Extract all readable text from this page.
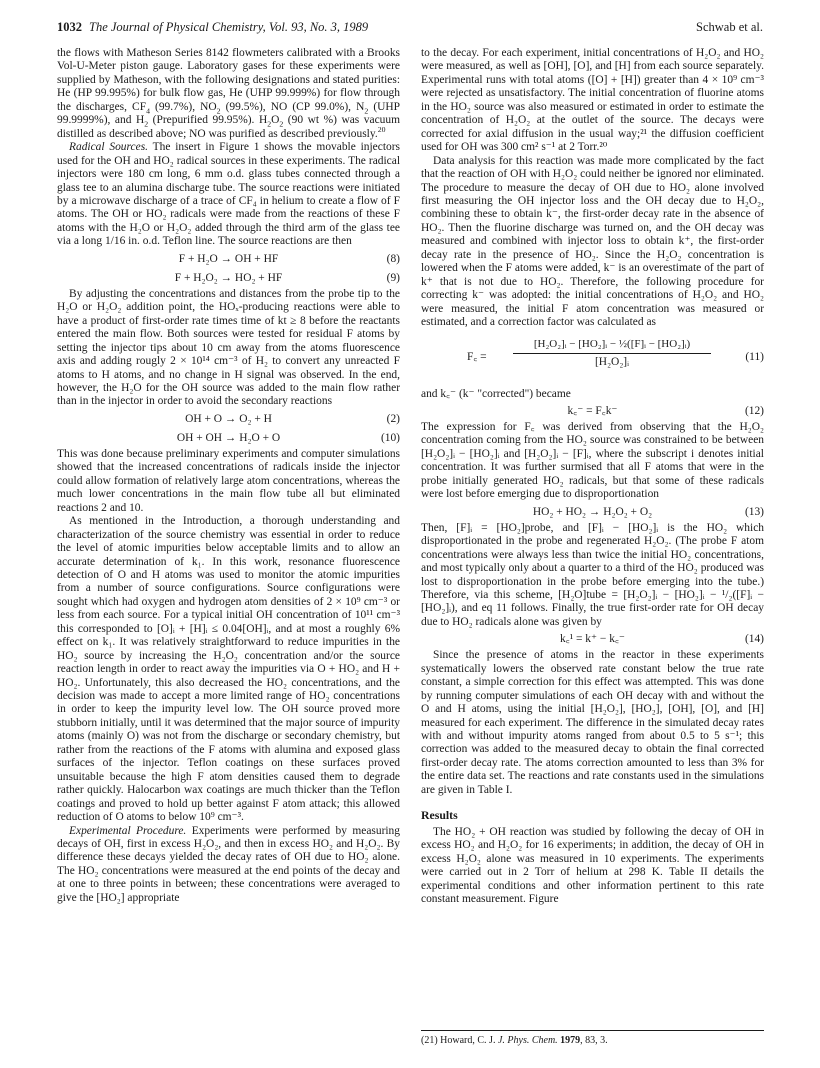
1032 The Journal of Physical Chemistry, Vol. 93, No. 3, 1989	Schwab et al.

the flows with Matheson Series 8142 flowmeters calibrated with a Brooks Vol-U-Meter piston gauge. Laboratory gases for these experiments were supplied by Matheson, with the following designations and stated purities: He (HP 99.995%) for bulk flow gas, He (UHP 99.999%) for flow through the discharges, $CF_4$ (99.7%), $NO_2$ (99.5%), NO (CP 99.0%), $N_2$ (UHP 99.9999%), and $H_2$ (Prepurified 99.95%). $H_2O_2$ (90 wt %) was vacuum distilled as described above; NO was purified as described previously.$^{20}$

Radical Sources. The insert in Figure 1 shows the movable injectors used for the OH and HO₂ radical sources in these experiments. The radical injectors were 180 cm long, 6 mm o.d. glass tubes connected through a glass tee to an alumina discharge tube. The source reactions were initiated by a microwave discharge of a trace of CF₄ in helium to create a flow of F atoms. The OH or HO₂ radicals were made from the reactions of these F atoms with the H₂O or H₂O₂ added through the third arm of the glass tee via a long 1/16 in. o.d. Teflon line. The source reactions are then

F + H₂O → OH + HF	(8)
F + H₂O₂ → HO₂ + HF	(9)

By adjusting the concentrations and distances from the probe tip to the H₂O or H₂O₂ addition point, the HOₓ-producing reactions were able to have a product of first-order rate times time of kt ≥ 8 before the reactants entered the main flow. Both sources were tested for residual F atoms by setting the injector tips about 10 cm away from the atoms fluorescence axis and adding rougly 2 × 10¹⁴ cm⁻³ of H₂ to convert any unreacted F atoms to H atoms, and no change in H signal was observed. In the end, however, the H₂O for the OH source was added to the main flow rather than in the injector in order to avoid the secondary reactions

OH + O → O₂ + H	(2)
OH + OH → H₂O + O	(10)

This was done because preliminary experiments and computer simulations showed that the increased concentrations of radicals inside the injector could allow formation of relatively large atom concentrations, whereas the much lower concentrations in the main flow tube all but eliminated reactions 2 and 10.

As mentioned in the Introduction, a thorough understanding and characterization of the source chemistry was essential in order to reduce the level of atomic impurities below acceptable limits and to allow an accurate determination of k₁. In this work, resonance fluorescence detection of O and H atoms was used to monitor the atomic impurities from a number of source configurations. Source configurations were sought which had oxygen and hydrogen atom densities of 2 × 10⁹ cm⁻³ or less from each source. For a typical initial OH concentration of 10¹¹ cm⁻³ this corresponded to [O]ᵢ + [H]ᵢ ≤ 0.04[OH]ᵢ, and at most a roughly 6% effect on k₁. It was relatively straightforward to reduce impurities in the HO₂ source by increasing the H₂O₂ concentration and/or the source reaction length in order to react away the impurities via O + HO₂ and H + HO₂. Unfortunately, this also decreased the HO₂ concentrations, and the decision was made to accept a more limited range of HO₂ concentrations in order to keep the impurity level low. The OH source proved more stubborn initially, until it was determined that the major source of impurity atoms (mainly O) was not from the discharge or secondary chemistry, but rather from the reactions of the F atoms with alumina and exposed glass surfaces of the injector. Teflon coatings on these surfaces proved unsuitable because the high F atom densities caused them to degrade rather quickly. Halocarbon wax coatings are much thicker than the Teflon coatings and proved to hold up better against F atom attack; this allowed reduction of O atoms to below 10⁹ cm⁻³.

Experimental Procedure. Experiments were performed by measuring decays of OH, first in excess H₂O₂, and then in excess HO₂ and H₂O₂. By difference these decays yielded the decay rates of OH due to HO₂ alone. The HO₂ concentrations were measured at the end points of the decay and at one to three points in between; these concentrations were averaged to give the [HO₂] appropriate

to the decay. For each experiment, initial concentrations of H₂O₂ and HO₂ were measured, as well as [OH], [O], and [H] from each source separately. Experimental runs with total atoms ([O] + [H]) greater than 4 × 10⁹ cm⁻³ were rejected as unsatisfactory. The initial concentration of fluorine atoms in the HO₂ source was also measured or estimated in order to estimate the concentration of H₂O₂ at the outlet of the source. The decays were corrected for axial diffusion in the usual way;²¹ the diffusion coefficient used for OH was 300 cm² s⁻¹ at 2 Torr.²⁰

Data analysis for this reaction was made more complicated by the fact that the reaction of OH with H₂O₂ could neither be ignored nor eliminated. The procedure to measure the decay of OH due to HO₂ alone involved first measuring the OH injector loss and the OH decay due to H₂O₂, combining these to obtain k⁻, the first-order decay rate in the absence of HO₂. Then the fluorine discharge was turned on, and the OH decay was measured and combined with injector loss to obtain k⁺, the first-order decay rate in the presence of HO₂. Since the H₂O₂ concentration is lowered when the F atoms were added, k⁻ is an overestimate of the part of k⁺ that is not due to HO₂. Therefore, the following procedure for correcting k⁻ was adopted: the initial concentrations of H₂O₂ and HO₂ were measured, the initial F atom concentration was measured or estimated, and a correction factor was calculated as

F꜀ = $\frac{\text{[H₂O₂]ᵢ − [HO₂]ᵢ − ½([F]ᵢ − [HO₂]ᵢ)}}{\text{[H₂O₂]ᵢ}}$	(11)

and k꜀⁻ (k⁻ "corrected") became

k꜀⁻ = F꜀k⁻	(12)

The expression for F꜀ was derived from observing that the H₂O₂ concentration coming from the HO₂ source was constrained to be between [H₂O₂]ᵢ − [HO₂]ᵢ and [H₂O₂]ᵢ − [F]ᵢ, where the subscript i denotes initial concentration. It was further surmised that all F atoms that were in the probe initially generated HO₂ radicals, but that some of these radicals were lost before emerging due to disproportionation

HO₂ + HO₂ → H₂O₂ + O₂	(13)

Then, [F]ᵢ = [HO₂]probe, and [F]ᵢ − [HO₂]ᵢ is the HO₂ which disproportionated in the probe and regenerated H₂O₂. (The probe F atom concentrations were always less than twice the initial HO₂ concentrations, and most typically only about a quarter to a third of the HO₂ produced was lost to disproportionation in the probe before emerging into the tube.) Therefore, via this scheme, [H₂O]tube = [H₂O₂]ᵢ − [HO₂]ᵢ − ¹/₂([F]ᵢ − [HO₂]ᵢ), and eq 11 follows. Finally, the true first-order rate for OH decay due to HO₂ radicals alone was given by

k꜀¹ = k⁺ − k꜀⁻	(14)

Since the presence of atoms in the reactor in these experiments systematically lowers the observed rate constant below the true rate constant, a simple correction for this effect was attempted. This was done by running computer simulations of each OH decay with and without the O and H atoms, using the initial [H₂O₂], [HO₂], [OH], [O], and [H] measured for each experiment. The difference in the simulated decay rates with and without impurity atoms ranged from about 0.5 to 5 s⁻¹; this correction was added to the measured decay to obtain the final corrected first-order decay rate. The atoms correction amounted to less than 3% for the entire data set. The reactions and rate constants used in the simulations are given in Table I.

Results

The HO₂ + OH reaction was studied by following the decay of OH in excess HO₂ and H₂O₂ for 16 experiments; in addition, the decay of OH in excess H₂O₂ alone was measured in 10 experiments. The experiments were carried out in 2 Torr of helium at 298 K. Table II details the experimental conditions and other information pertinent to this rate constant measurement. Figure

(21) Howard, C. J. J. Phys. Chem. 1979, 83, 3.
